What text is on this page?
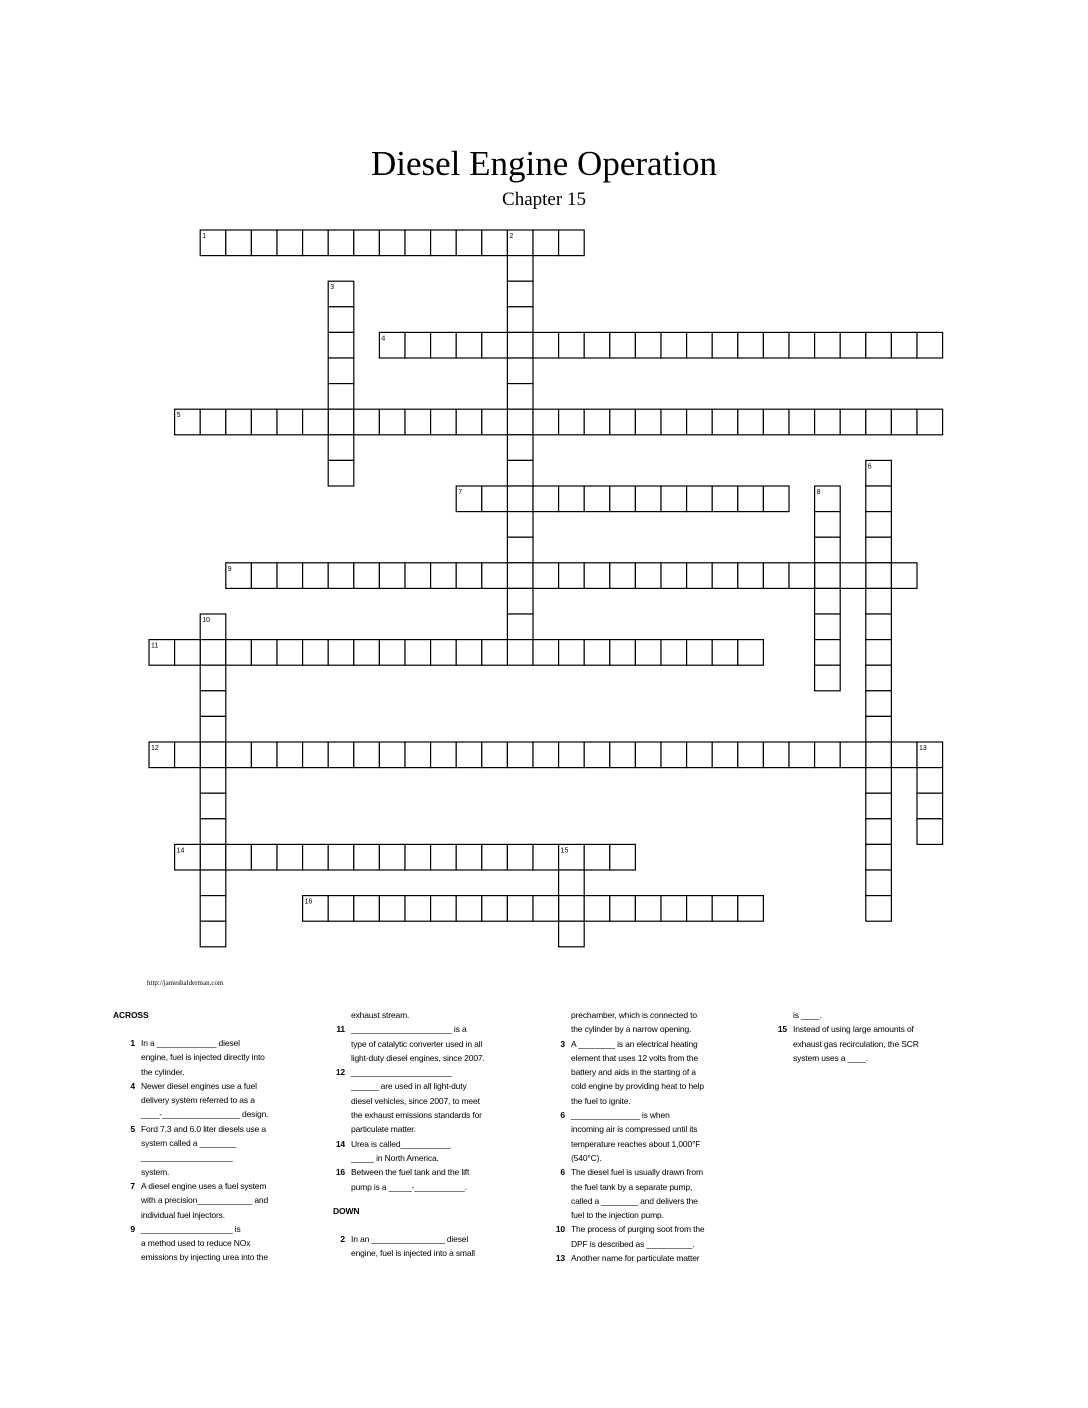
Diesel Engine Operation
Chapter 15
1	2
3
4
5
6
7	8
9
10
11
12	13
14	15
16
http://jameshalderman.com
ACROSS
1 In a _____________ diesel
engine, fuel is injected directly into
the cylinder.
4 Newer diesel engines use a fuel
delivery system referred to as a
____-_________________ design.
5 Ford 7.3 and 6.0 liter diesels use a
system called a ________
____________________
system.
7 A diesel engine uses a fuel system
with a precision____________ and
individual fuel injectors.
9 ____________________ is
a method used to reduce NOx
emissions by injecting urea into the
exhaust stream.
11 ______________________ is a
type of catalytic converter used in all
light-duty diesel engines, since 2007.
12 ______________________
______ are used in all light-duty
diesel vehicles, since 2007, to meet
the exhaust emissions standards for
particulate matter.
14 Urea is called___________
_____ in North America.
16 Between the fuel tank and the lift
pump is a _____-___________.
DOWN
2 In an ________________ diesel
engine, fuel is injected into a small
prechamber, which is connected to
the cylinder by a narrow opening.
3 A ________ is an electrical heating
element that uses 12 volts from the
battery and aids in the starting of a
cold engine by providing heat to help
the fuel to ignite.
6 _______________ is when
incoming air is compressed until its
temperature reaches about 1,000°F
(540°C).
6 The diesel fuel is usually drawn from
the fuel tank by a separate pump,
called a ________ and delivers the
fuel to the injection pump.
10 The process of purging soot from the
DPF is described as __________.
13 Another name for particulate matter
is ____.
15 Instead of using large amounts of
exhaust gas recirculation, the SCR
system uses a ____.
